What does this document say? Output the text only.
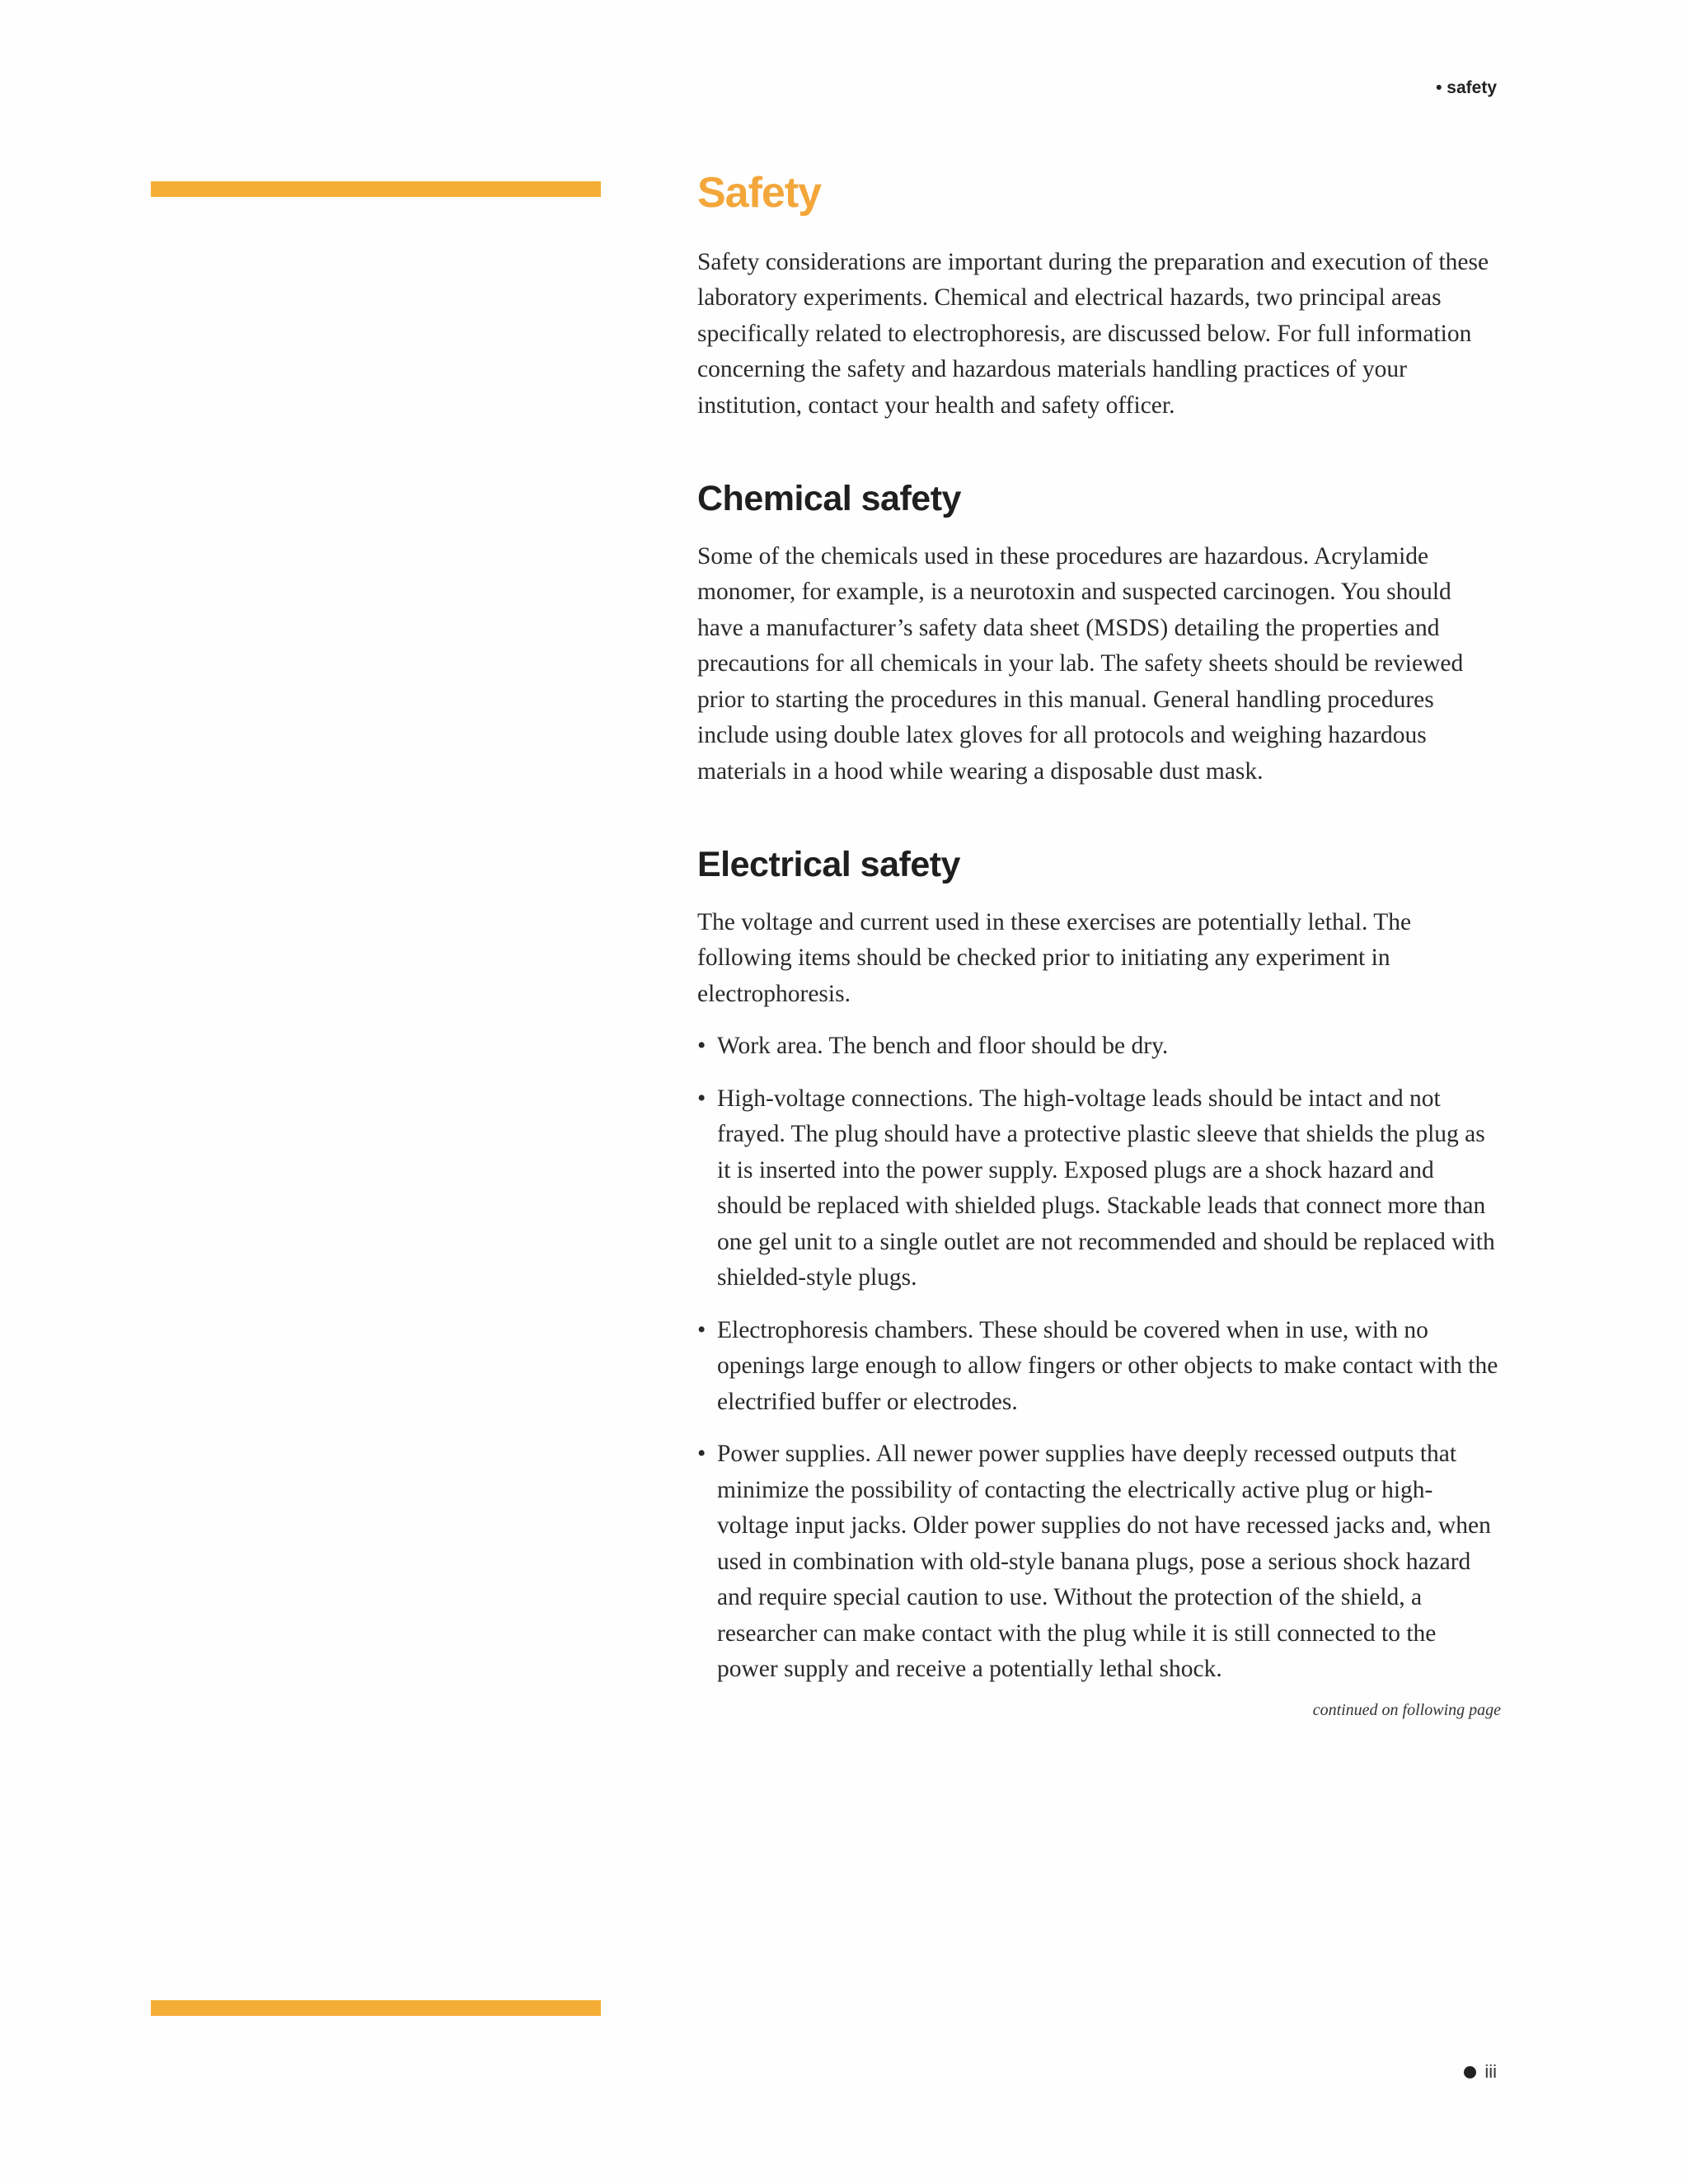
• safety
Safety

Safety considerations are important during the preparation and execution of these laboratory experiments. Chemical and electrical hazards, two principal areas specifically related to electrophoresis, are discussed below. For full information concerning the safety and hazardous materials handling practices of your institution, contact your health and safety officer.

Chemical safety

Some of the chemicals used in these procedures are hazardous. Acrylamide monomer, for example, is a neurotoxin and suspected carcinogen. You should have a manufacturer’s safety data sheet (MSDS) detailing the properties and precautions for all chemicals in your lab. The safety sheets should be reviewed prior to starting the procedures in this manual. General handling procedures include using double latex gloves for all protocols and weighing hazardous materials in a hood while wearing a disposable dust mask.

Electrical safety

The voltage and current used in these exercises are potentially lethal. The following items should be checked prior to initiating any experiment in electrophoresis.

• Work area. The bench and floor should be dry.
• High-voltage connections. The high-voltage leads should be intact and not frayed. The plug should have a protective plastic sleeve that shields the plug as it is inserted into the power supply. Exposed plugs are a shock hazard and should be replaced with shielded plugs. Stackable leads that connect more than one gel unit to a single outlet are not recommended and should be replaced with shielded-style plugs.
• Electrophoresis chambers. These should be covered when in use, with no openings large enough to allow fingers or other objects to make contact with the electrified buffer or electrodes.
• Power supplies. All newer power supplies have deeply recessed outputs that minimize the possibility of contacting the electrically active plug or high-voltage input jacks. Older power supplies do not have recessed jacks and, when used in combination with old-style banana plugs, pose a serious shock hazard and require special caution to use. Without the protection of the shield, a researcher can make contact with the plug while it is still connected to the power supply and receive a potentially lethal shock.
continued on following page
iii
